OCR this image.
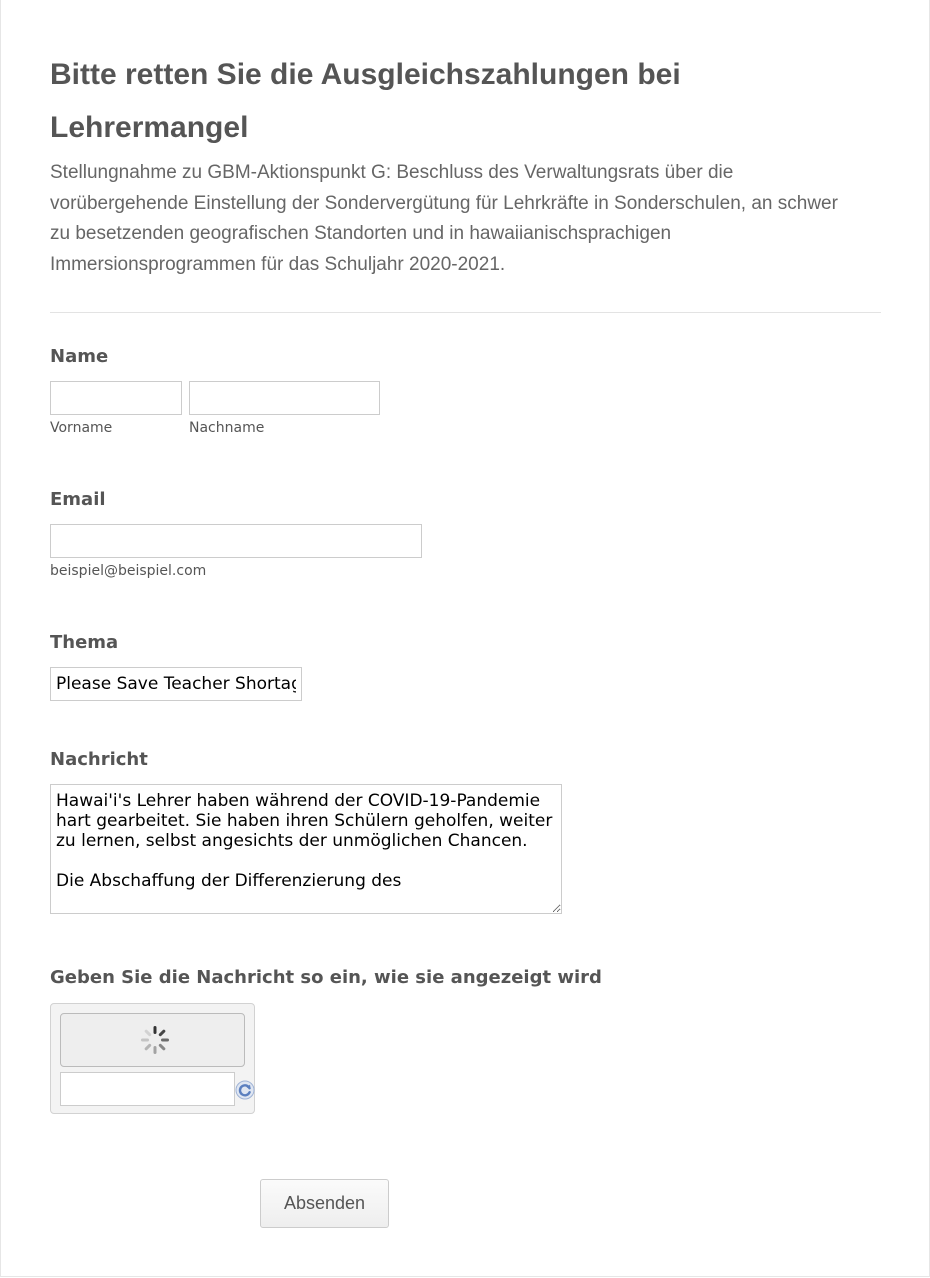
Bitte retten Sie die Ausgleichszahlungen bei Lehrermangel
Stellungnahme zu GBM-Aktionspunkt G: Beschluss des Verwaltungsrats über die vorübergehende Einstellung der Sondervergütung für Lehrkräfte in Sonderschulen, an schwer zu besetzenden geografischen Standorten und in hawaiianischsprachigen Immersionsprogrammen für das Schuljahr 2020-2021.
Name
Vorname	Nachname
Email
beispiel@beispiel.com
Thema
Please Save Teacher Shortage Differentials
Nachricht
Hawai'i's Lehrer haben während der COVID-19-Pandemie hart gearbeitet. Sie haben ihren Schülern geholfen, weiter zu lernen, selbst angesichts der unmöglichen Chancen. Die Abschaffung der Differenzierung des
Geben Sie die Nachricht so ein, wie sie angezeigt wird
Absenden
